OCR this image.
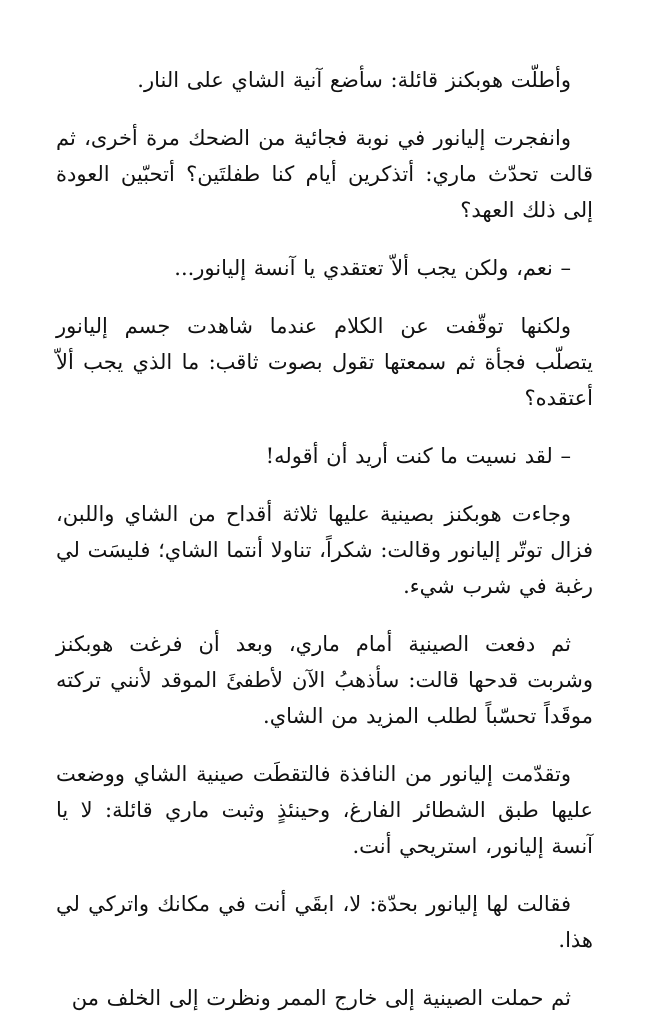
وأطلّت هوبكنز قائلة: سأضع آنية الشاي على النار.

وانفجرت إليانور في نوبة فجائية من الضحك مرة أخرى، ثم قالت تحدّث ماري: أتذكرين أيام كنا طفلتَين؟ أتحبّين العودة إلى ذلك العهد؟

– نعم، ولكن يجب ألاّ تعتقدي يا آنسة إليانور...

ولكنها توقّفت عن الكلام عندما شاهدت جسم إليانور يتصلّب فجأة ثم سمعتها تقول بصوت ثاقب: ما الذي يجب ألاّ أعتقده؟

– لقد نسيت ما كنت أريد أن أقوله!

وجاءت هوبكنز بصينية عليها ثلاثة أقداح من الشاي واللبن، فزال توتّر إليانور وقالت: شكراً، تناولا أنتما الشاي؛ فليسَت لي رغبة في شرب شيء.

ثم دفعت الصينية أمام ماري، وبعد أن فرغت هوبكنز وشربت قدحها قالت: سأذهبُ الآن لأطفئَ الموقد لأنني تركته موقَداً تحسّباً لطلب المزيد من الشاي.

وتقدّمت إليانور من النافذة فالتقطَت صينية الشاي ووضعت عليها طبق الشطائر الفارغ، وحينئذٍ وثبت ماري قائلة: لا يا آنسة إليانور، استريحي أنت.

فقالت لها إليانور بحدّة: لا، ابقَي أنت في مكانك واتركي لي هذا.

ثم حملت الصينية إلى خارج الممر ونظرت إلى الخلف من
